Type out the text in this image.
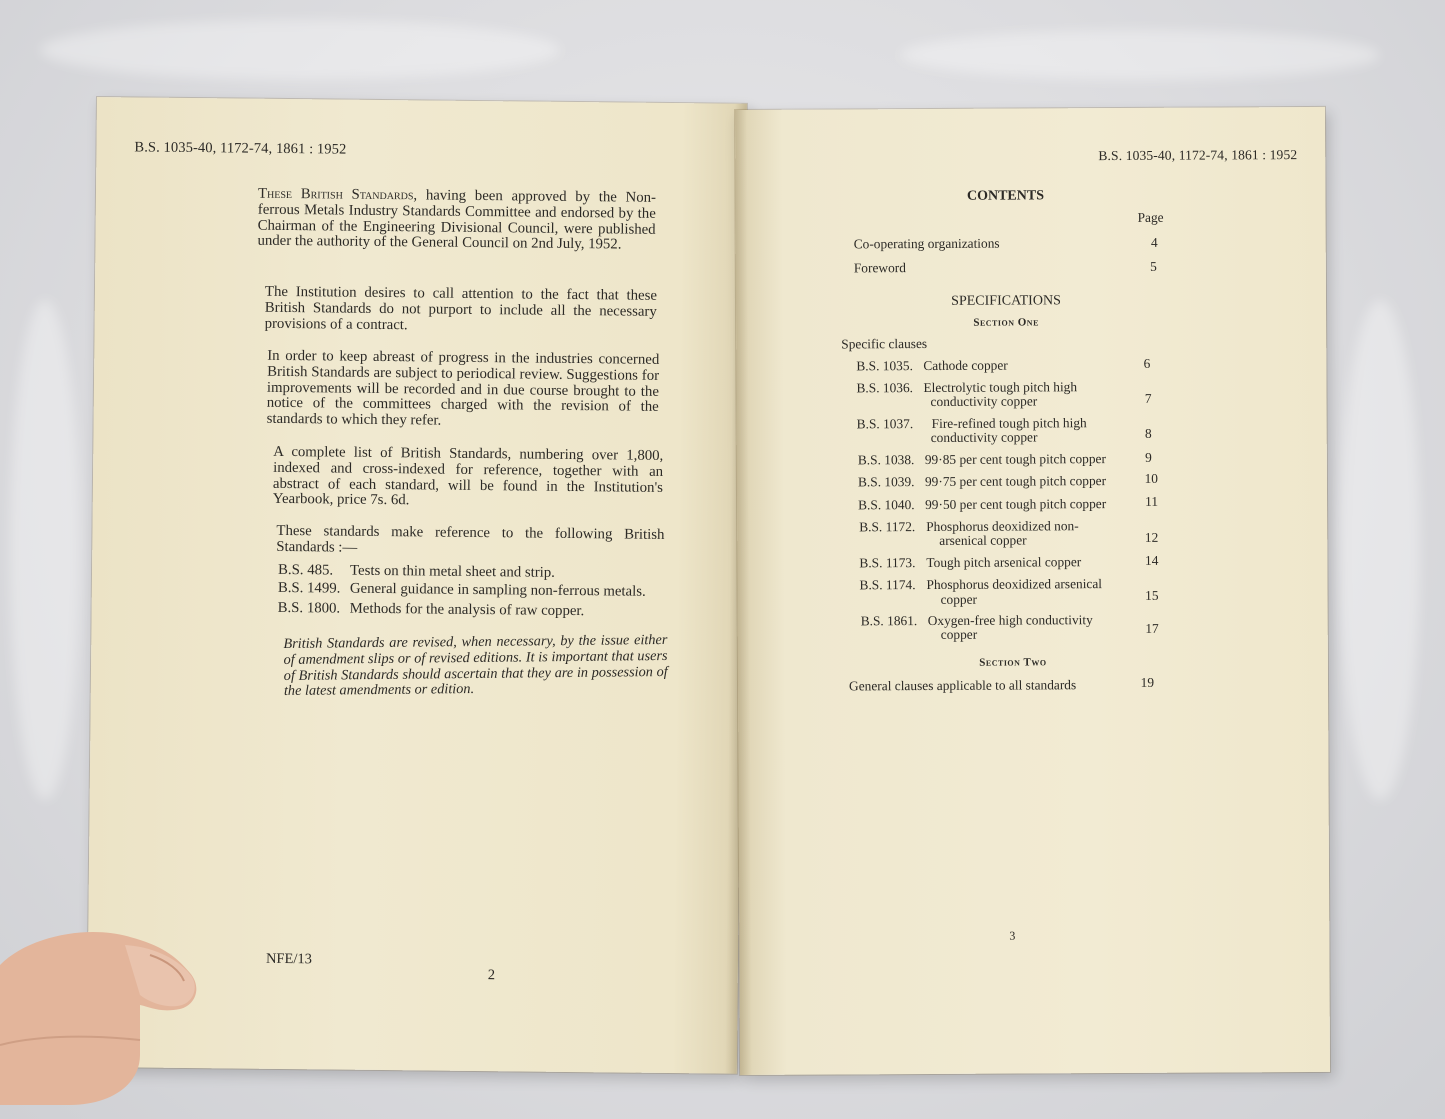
B.S. 1035-40, 1172-74, 1861 : 1952

These British Standards, having been approved by the Non-ferrous Metals Industry Standards Committee and endorsed by the Chairman of the Engineering Divisional Council, were published under the authority of the General Council on 2nd July, 1952.

The Institution desires to call attention to the fact that these British Standards do not purport to include all the necessary provisions of a contract.

In order to keep abreast of progress in the industries concerned British Standards are subject to periodical review. Suggestions for improvements will be recorded and in due course brought to the notice of the committees charged with the revision of the standards to which they refer.

A complete list of British Standards, numbering over 1,800, indexed and cross-indexed for reference, together with an abstract of each standard, will be found in the Institution's Yearbook, price 7s. 6d.

These standards make reference to the following British Standards :—

B.S. 485.	Tests on thin metal sheet and strip.
B.S. 1499. General guidance in sampling non-ferrous metals.
B.S. 1800. Methods for the analysis of raw copper.

British Standards are revised, when necessary, by the issue either of amendment slips or of revised editions. It is important that users of British Standards should ascertain that they are in possession of the latest amendments or edition.

NFE/13
2
B.S. 1035-40, 1172-74, 1861 : 1952
CONTENTS
Page
Co-operating organizations	4
Foreword	5
SPECIFICATIONS
Section One
Specific clauses
B.S. 1035. Cathode copper	6
B.S. 1036. Electrolytic tough pitch high
conductivity copper	7
B.S. 1037. Fire-refined tough pitch high
conductivity copper	8
B.S. 1038. 99·85 per cent tough pitch copper	9
B.S. 1039. 99·75 per cent tough pitch copper	10
B.S. 1040. 99·50 per cent tough pitch copper	11
B.S. 1172. Phosphorus deoxidized non-
arsenical copper	12
B.S. 1173. Tough pitch arsenical copper	14
B.S. 1174. Phosphorus deoxidized arsenical
copper	15
B.S. 1861. Oxygen-free high conductivity
copper	17
Section Two
General clauses applicable to all standards	19
3
